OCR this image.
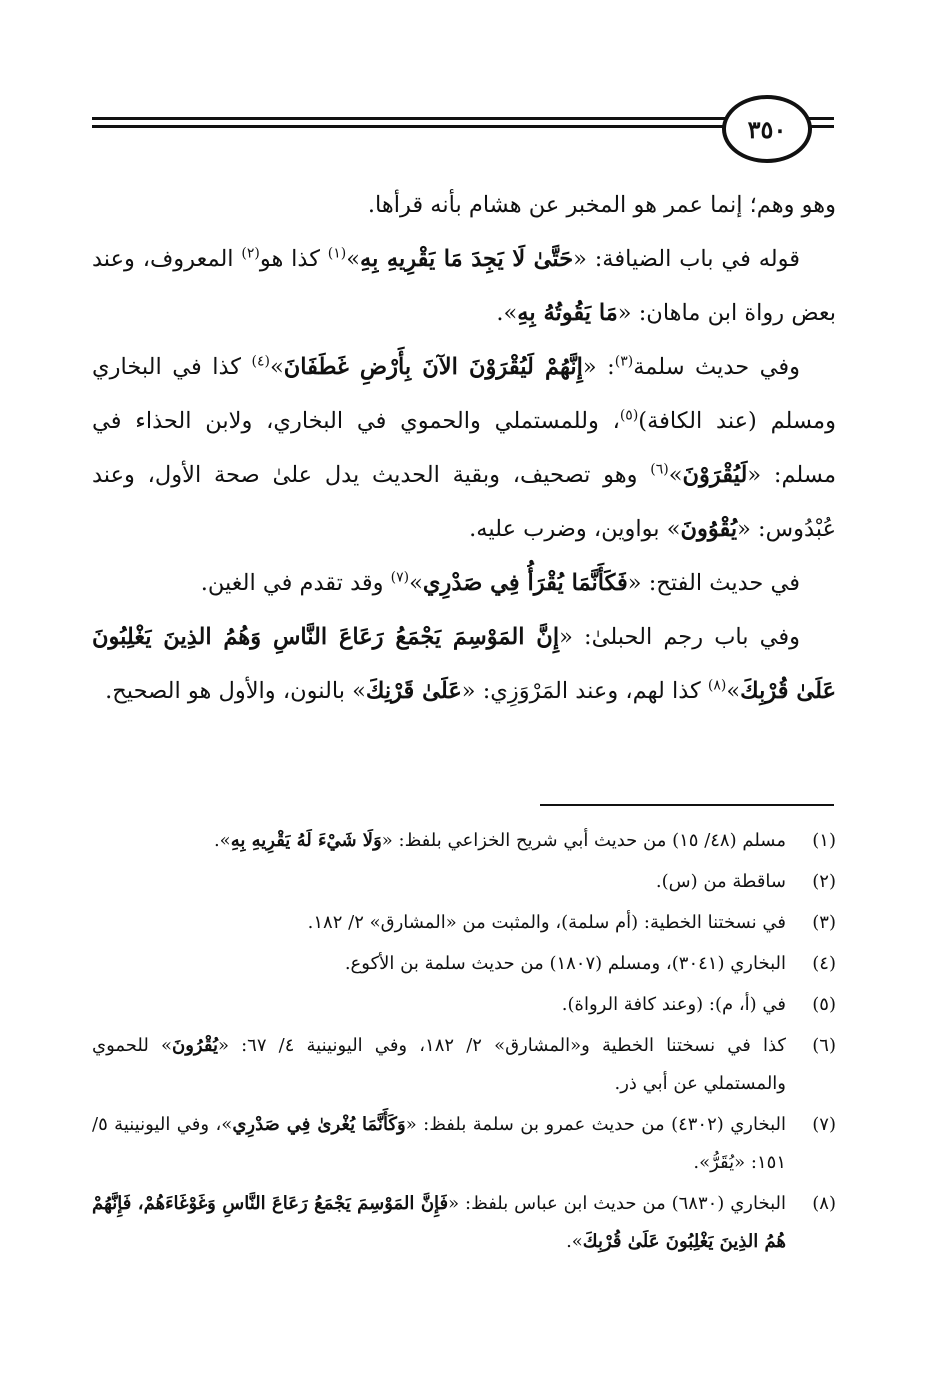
٣٥٠

وهو وهم؛ إنما عمر هو المخبر عن هشام بأنه قرأها.

قوله في باب الضيافة: «حَتَّىٰ لَا يَجِدَ مَا يَقْرِيهِ بِهِ»$^{(١)}$ كذا هو$^{(٢)}$ المعروف، وعند بعض رواة ابن ماهان: «مَا يَقُوتُهُ بِهِ».

وفي حديث سلمة$^{(٣)}$: «إِنَّهُمْ لَيُقْرَوْنَ الآنَ بِأَرْضِ غَطَفَانَ»$^{(٤)}$ كذا في البخاري ومسلم (عند الكافة)$^{(٥)}$، وللمستملي والحموي في البخاري، ولابن الحذاء في مسلم: «لَيُقْرَوْنَ»$^{(٦)}$ وهو تصحيف، وبقية الحديث يدل علىٰ صحة الأول، وعند عُبْدُوس: «يُقْوُونَ» بواوين، وضرب عليه.

في حديث الفتح: «فَكَأَنَّمَا يُقْرَأُ فِي صَدْرِي»$^{(٧)}$ وقد تقدم في الغين.

وفي باب رجم الحبلىٰ: «إِنَّ المَوْسِمَ يَجْمَعُ رَعَاعَ النَّاسِ وَهُمُ الذِينَ يَغْلِبُونَ عَلَىٰ قُرْبِكَ»$^{(٨)}$ كذا لهم، وعند المَرْوَزِي: «عَلَىٰ قَرْنِكَ» بالنون، والأول هو الصحيح.

(١)
مسلم (٤٨/ ١٥) من حديث أبي شريح الخزاعي بلفظ: «وَلَا شَيْءَ لَهُ يَقْرِيهِ بِهِ».
(٢)
ساقطة من (س).
(٣)
في نسختنا الخطية: (أم سلمة)، والمثبت من «المشارق» ٢/ ١٨٢.
(٤)
البخاري (٣٠٤١)، ومسلم (١٨٠٧) من حديث سلمة بن الأكوع.
(٥)
في (أ، م): (وعند كافة الرواة).
(٦)
كذا في نسختنا الخطية و«المشارق» ٢/ ١٨٢، وفي اليونينية ٤/ ٦٧: «يُقْرُونَ» للحموي والمستملي عن أبي ذر.
(٧)
البخاري (٤٣٠٢) من حديث عمرو بن سلمة بلفظ: «وَكَأَنَّمَا يُغْرىٰ فِي صَدْرِي»، وفي اليونينية ٥/ ١٥١: «يُقَرُّ».
(٨)
البخاري (٦٨٣٠) من حديث ابن عباس بلفظ: «فَإِنَّ المَوْسِمَ يَجْمَعُ رَعَاعَ النَّاسِ وَغَوْغَاءَهُمْ، فَإِنَّهُمْ هُمُ الذِينَ يَغْلِبُونَ عَلَىٰ قُرْبِكَ».
